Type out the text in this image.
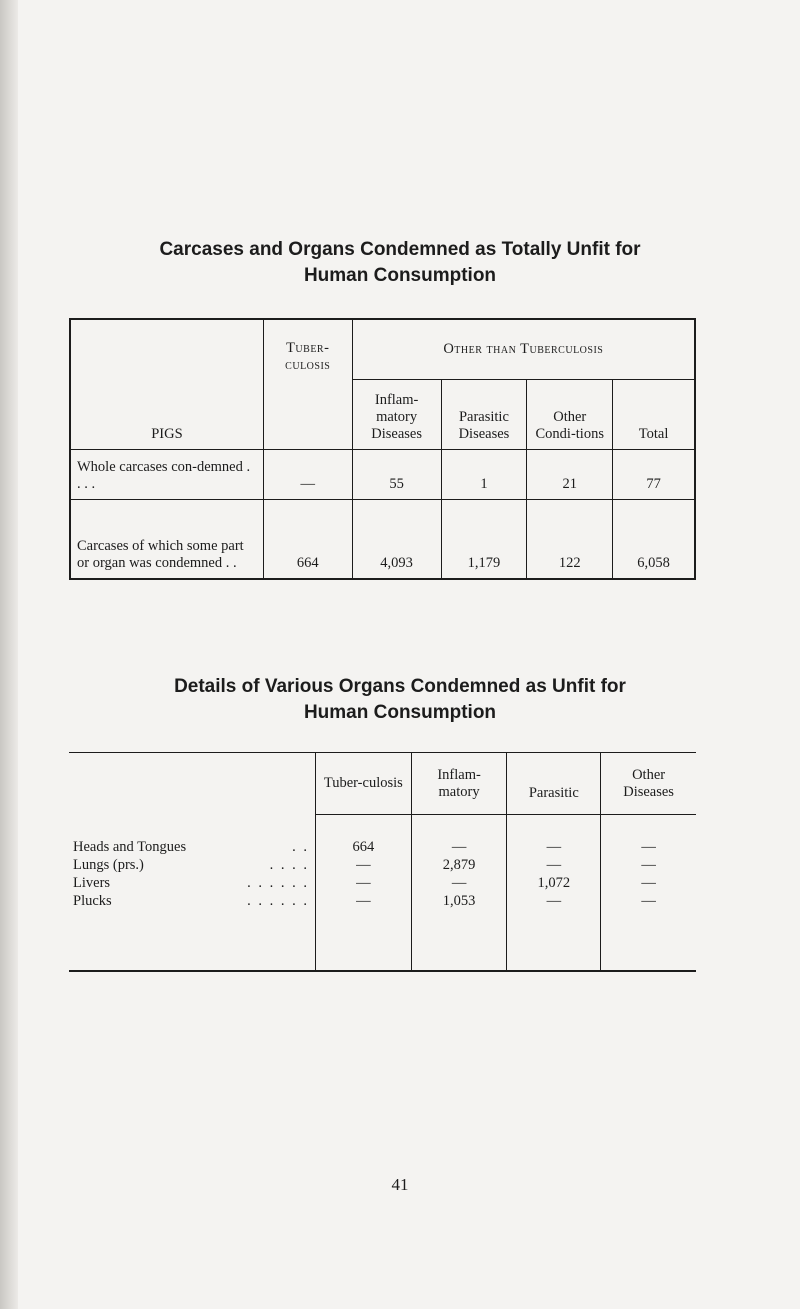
Carcases and Organs Condemned as Totally Unfit for
Human Consumption
PIGS	Tuber-culosis	Other than Tuberculosis			
		Inflam-matory Diseases	Parasitic Diseases	Other Condi-tions	Total
Whole carcases con-demned . . . .	—	55	1	21	77
Carcases of which some part or organ was condemned . .	664	4,093	1,179	122	6,058
Details of Various Organs Condemned as Unfit for
Human Consumption
	Tuber-culosis	Inflam-matory	Parasitic	Other Diseases

Heads and Tongues . .	664	—	—	—
Lungs (prs.) . . . .	—	2,879	—	—
Livers . . . . . .	—	—	1,072	—
Plucks . . . . . .	—	1,053	—	—

41
